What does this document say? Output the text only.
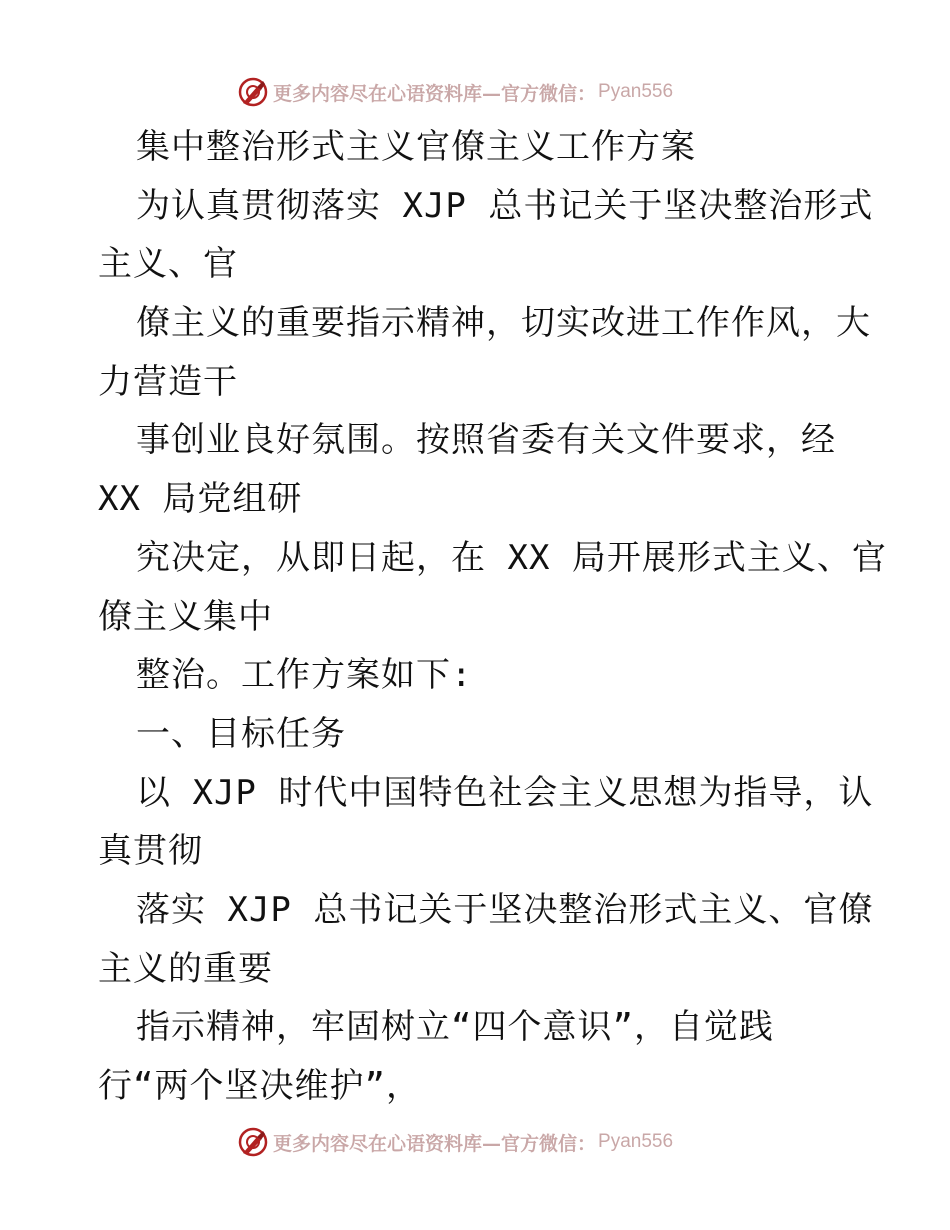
更多内容尽在心语资料库—官方微信： Pyan556
集中整治形式主义官僚主义工作方案
为认真贯彻落实 XJP 总书记关于坚决整治形式
主义、官
僚主义的重要指示精神，切实改进工作作风，大
力营造干
事创业良好氛围。按照省委有关文件要求，经
XX 局党组研
究决定，从即日起，在 XX 局开展形式主义、官
僚主义集中
整治。工作方案如下:
一、目标任务
以 XJP 时代中国特色社会主义思想为指导，认
真贯彻
落实 XJP 总书记关于坚决整治形式主义、官僚
主义的重要
指示精神，牢固树立“四个意识”，自觉践
行“两个坚决维护”，
更多内容尽在心语资料库—官方微信： Pyan556
